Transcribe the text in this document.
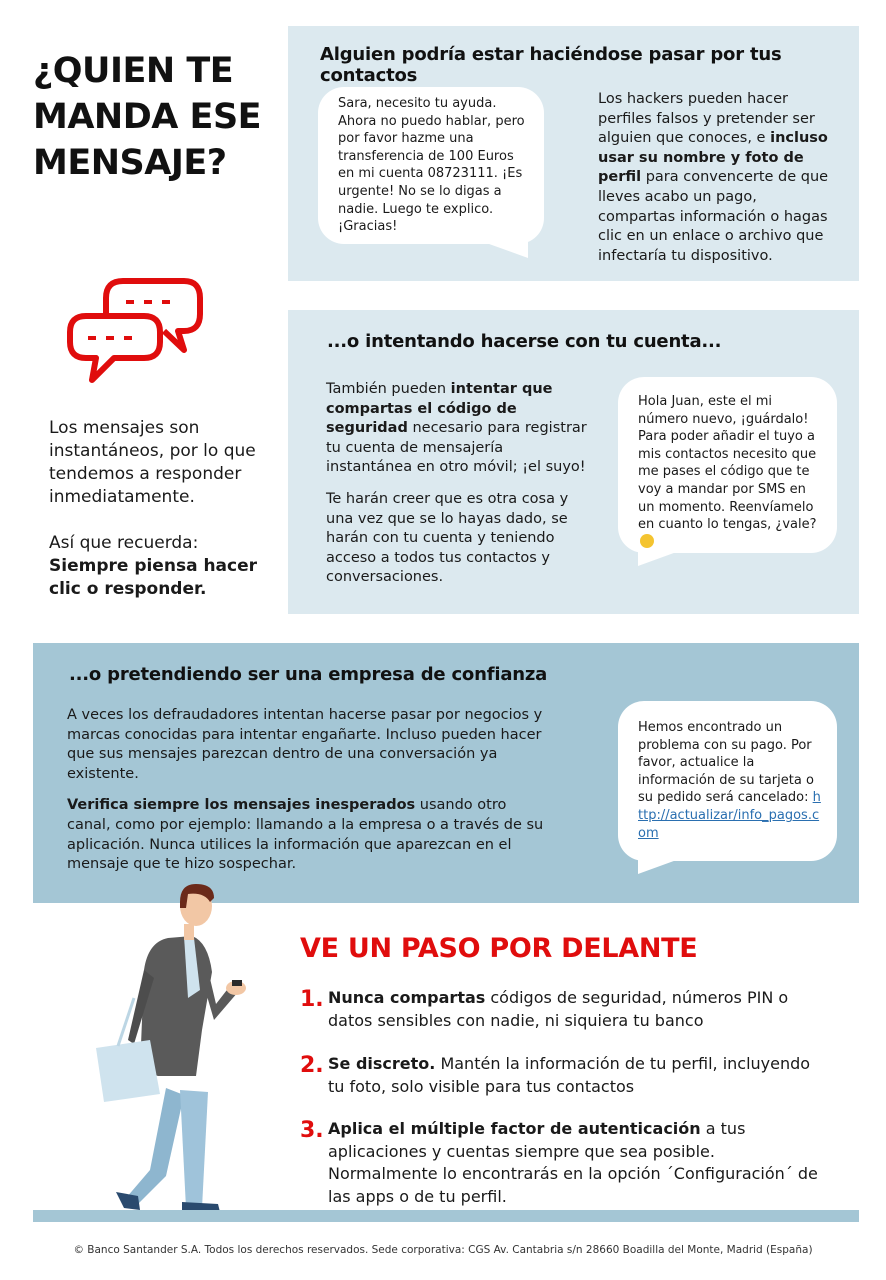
¿QUIEN TE
MANDA ESE
MENSAJE?
Alguien podría estar haciéndose pasar por tus contactos
Sara, necesito tu ayuda. Ahora no puedo hablar, pero por favor hazme una transferencia de 100 Euros en mi cuenta 08723111. ¡Es urgente! No se lo digas a nadie. Luego te explico. ¡Gracias!
Los hackers pueden hacer perfiles falsos y pretender ser alguien que conoces, e incluso usar su nombre y foto de perfil para convencerte de que lleves acabo un pago, compartas información o hagas clic en un enlace o archivo que infectaría tu dispositivo.
Los mensajes son instantáneos, por lo que tendemos a responder inmediatamente.
Así que recuerda:
Siempre piensa hacer clic o responder.
...o intentando hacerse con tu cuenta...
También pueden intentar que compartas el código de seguridad necesario para registrar tu cuenta de mensajería instantánea en otro móvil; ¡el suyo!
Te harán creer que es otra cosa y una vez que se lo hayas dado, se harán con tu cuenta y teniendo acceso a todos tus contactos y conversaciones.
Hola Juan, este el mi número nuevo, ¡guárdalo! Para poder añadir el tuyo a mis contactos necesito que me pases el código que te voy a mandar por SMS en un momento. Reenvíamelo en cuanto lo tengas, ¿vale?
...o pretendiendo ser una empresa de confianza
A veces los defraudadores intentan hacerse pasar por negocios y marcas conocidas para intentar engañarte. Incluso pueden hacer que sus mensajes parezcan dentro de una conversación ya existente.
Verifica siempre los mensajes inesperados usando otro canal, como por ejemplo: llamando a la empresa o a través de su aplicación. Nunca utilices la información que aparezcan en el mensaje que te hizo sospechar.
Hemos encontrado un problema con su pago. Por favor, actualice la información de su tarjeta o su pedido será cancelado: http://actualizar/info_pagos.com
VE UN PASO POR DELANTE
1. Nunca compartas códigos de seguridad, números PIN o datos sensibles con nadie, ni siquiera tu banco
2. Se discreto. Mantén la información de tu perfil, incluyendo tu foto, solo visible para tus contactos
3. Aplica el múltiple factor de autenticación a tus aplicaciones y cuentas siempre que sea posible. Normalmente lo encontrarás en la opción ´Configuración´ de las apps o de tu perfil.
© Banco Santander S.A. Todos los derechos reservados. Sede corporativa: CGS Av. Cantabria s/n 28660 Boadilla del Monte, Madrid (España)
